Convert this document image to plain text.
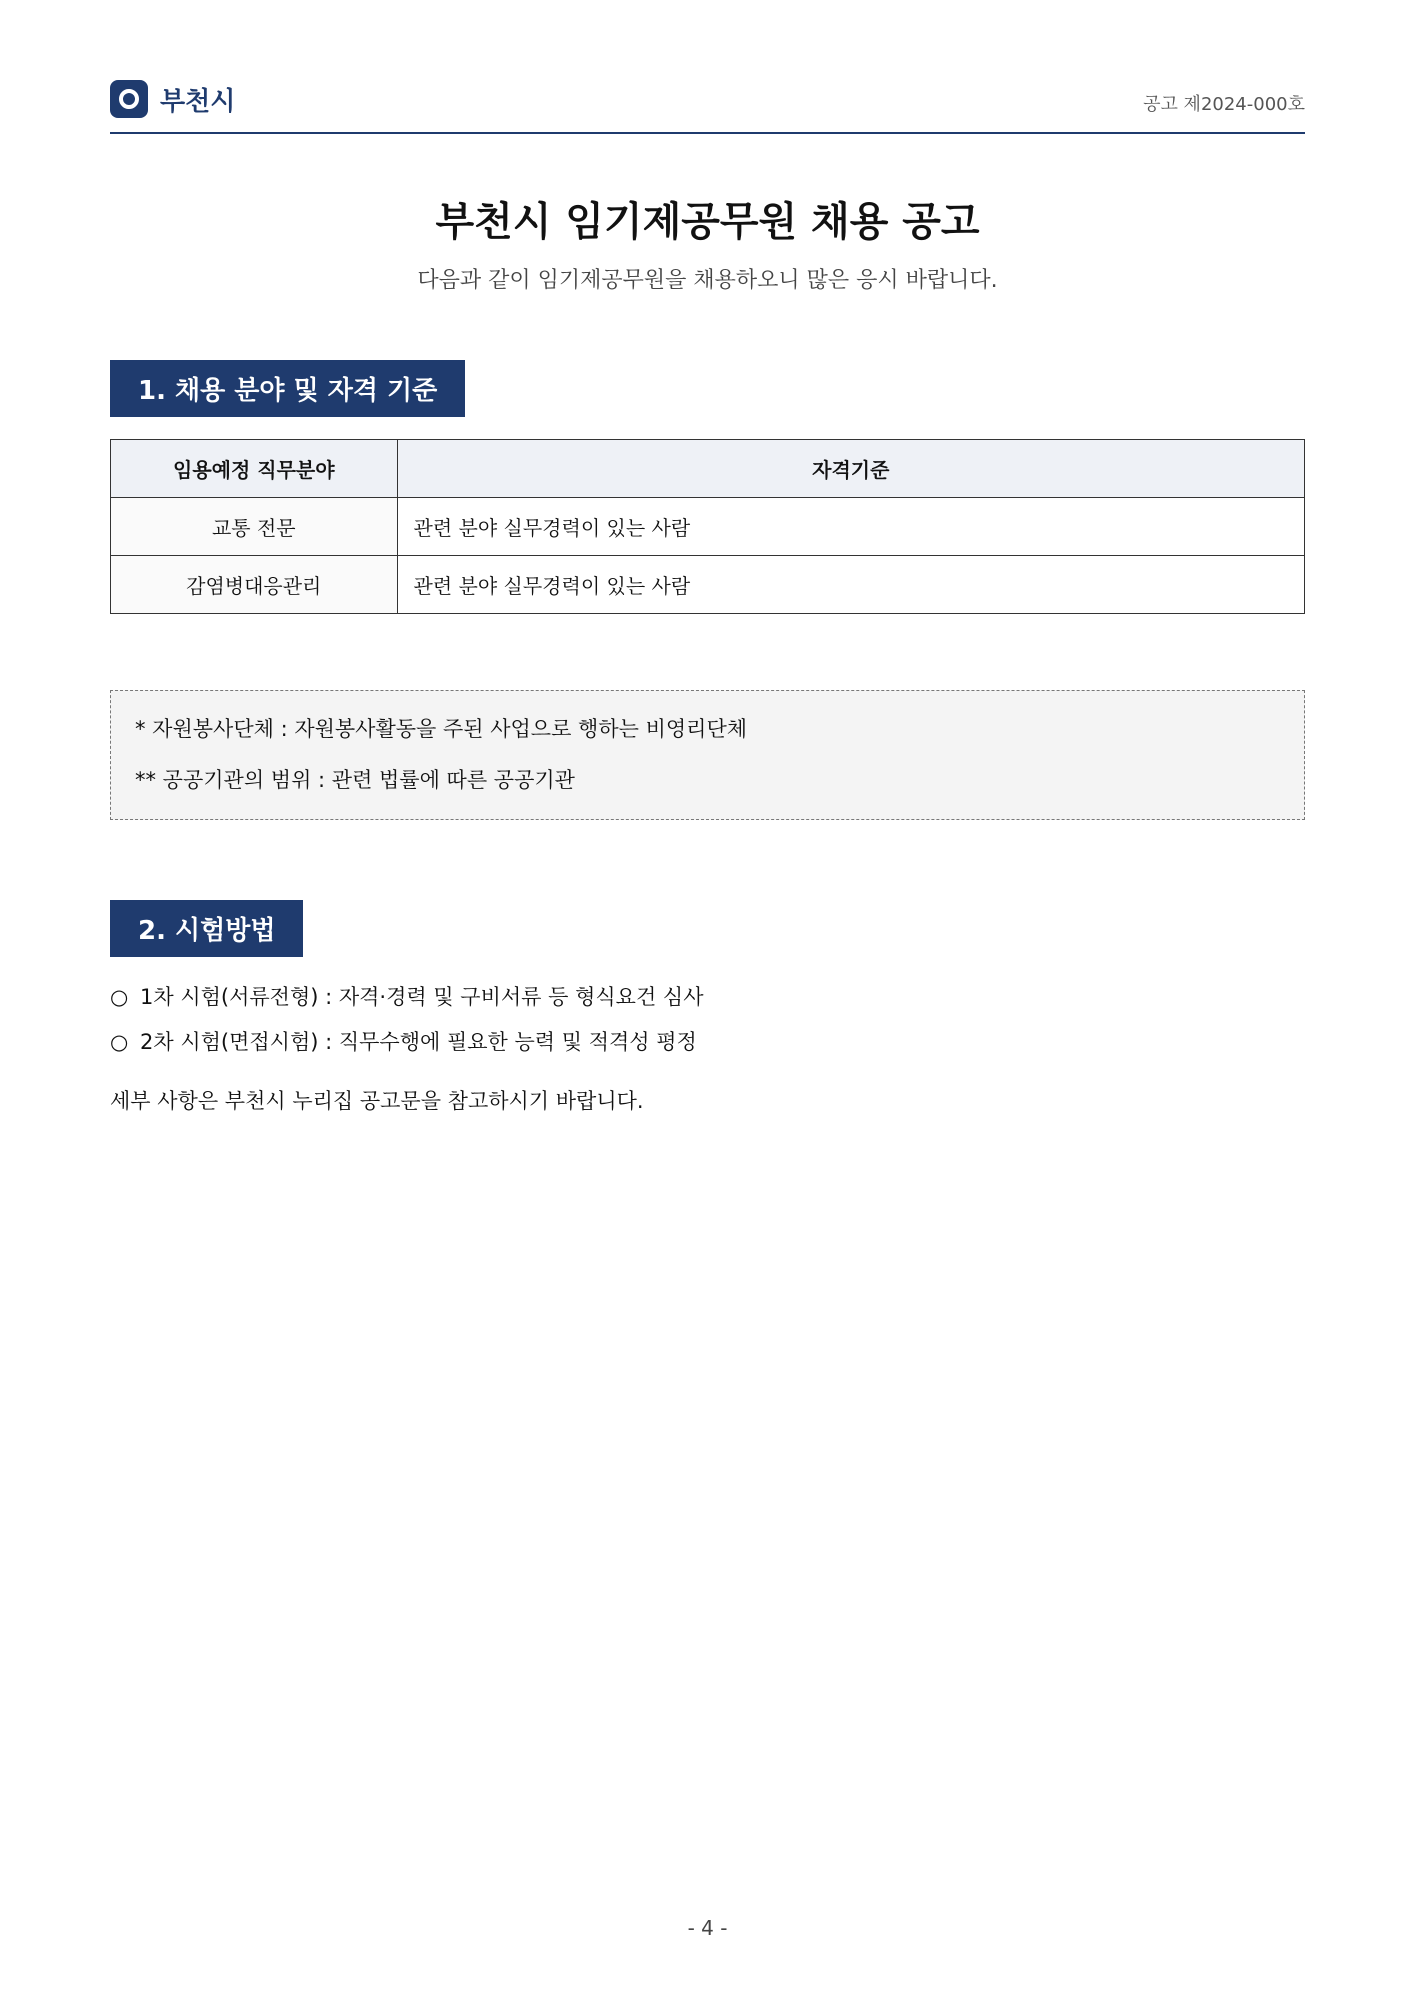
부천시	공고 제2024-000호
부천시 임기제공무원 채용 공고

다음과 같이 임기제공무원을 채용하오니 많은 응시 바랍니다.

1. 채용 분야 및 자격 기준
임용예정 직무분야	자격기준
교통 전문	관련 분야 실무경력이 있는 사람
감염병대응관리	관련 분야 실무경력이 있는 사람
* 자원봉사단체 : 자원봉사활동을 주된 사업으로 행하는 비영리단체
** 공공기관의 범위 : 관련 법률에 따른 공공기관
2. 시험방법
○ 1차 시험(서류전형) : 자격·경력 및 구비서류 등 형식요건 심사
○ 2차 시험(면접시험) : 직무수행에 필요한 능력 및 적격성 평정

세부 사항은 부천시 누리집 공고문을 참고하시기 바랍니다.

- 4 -
